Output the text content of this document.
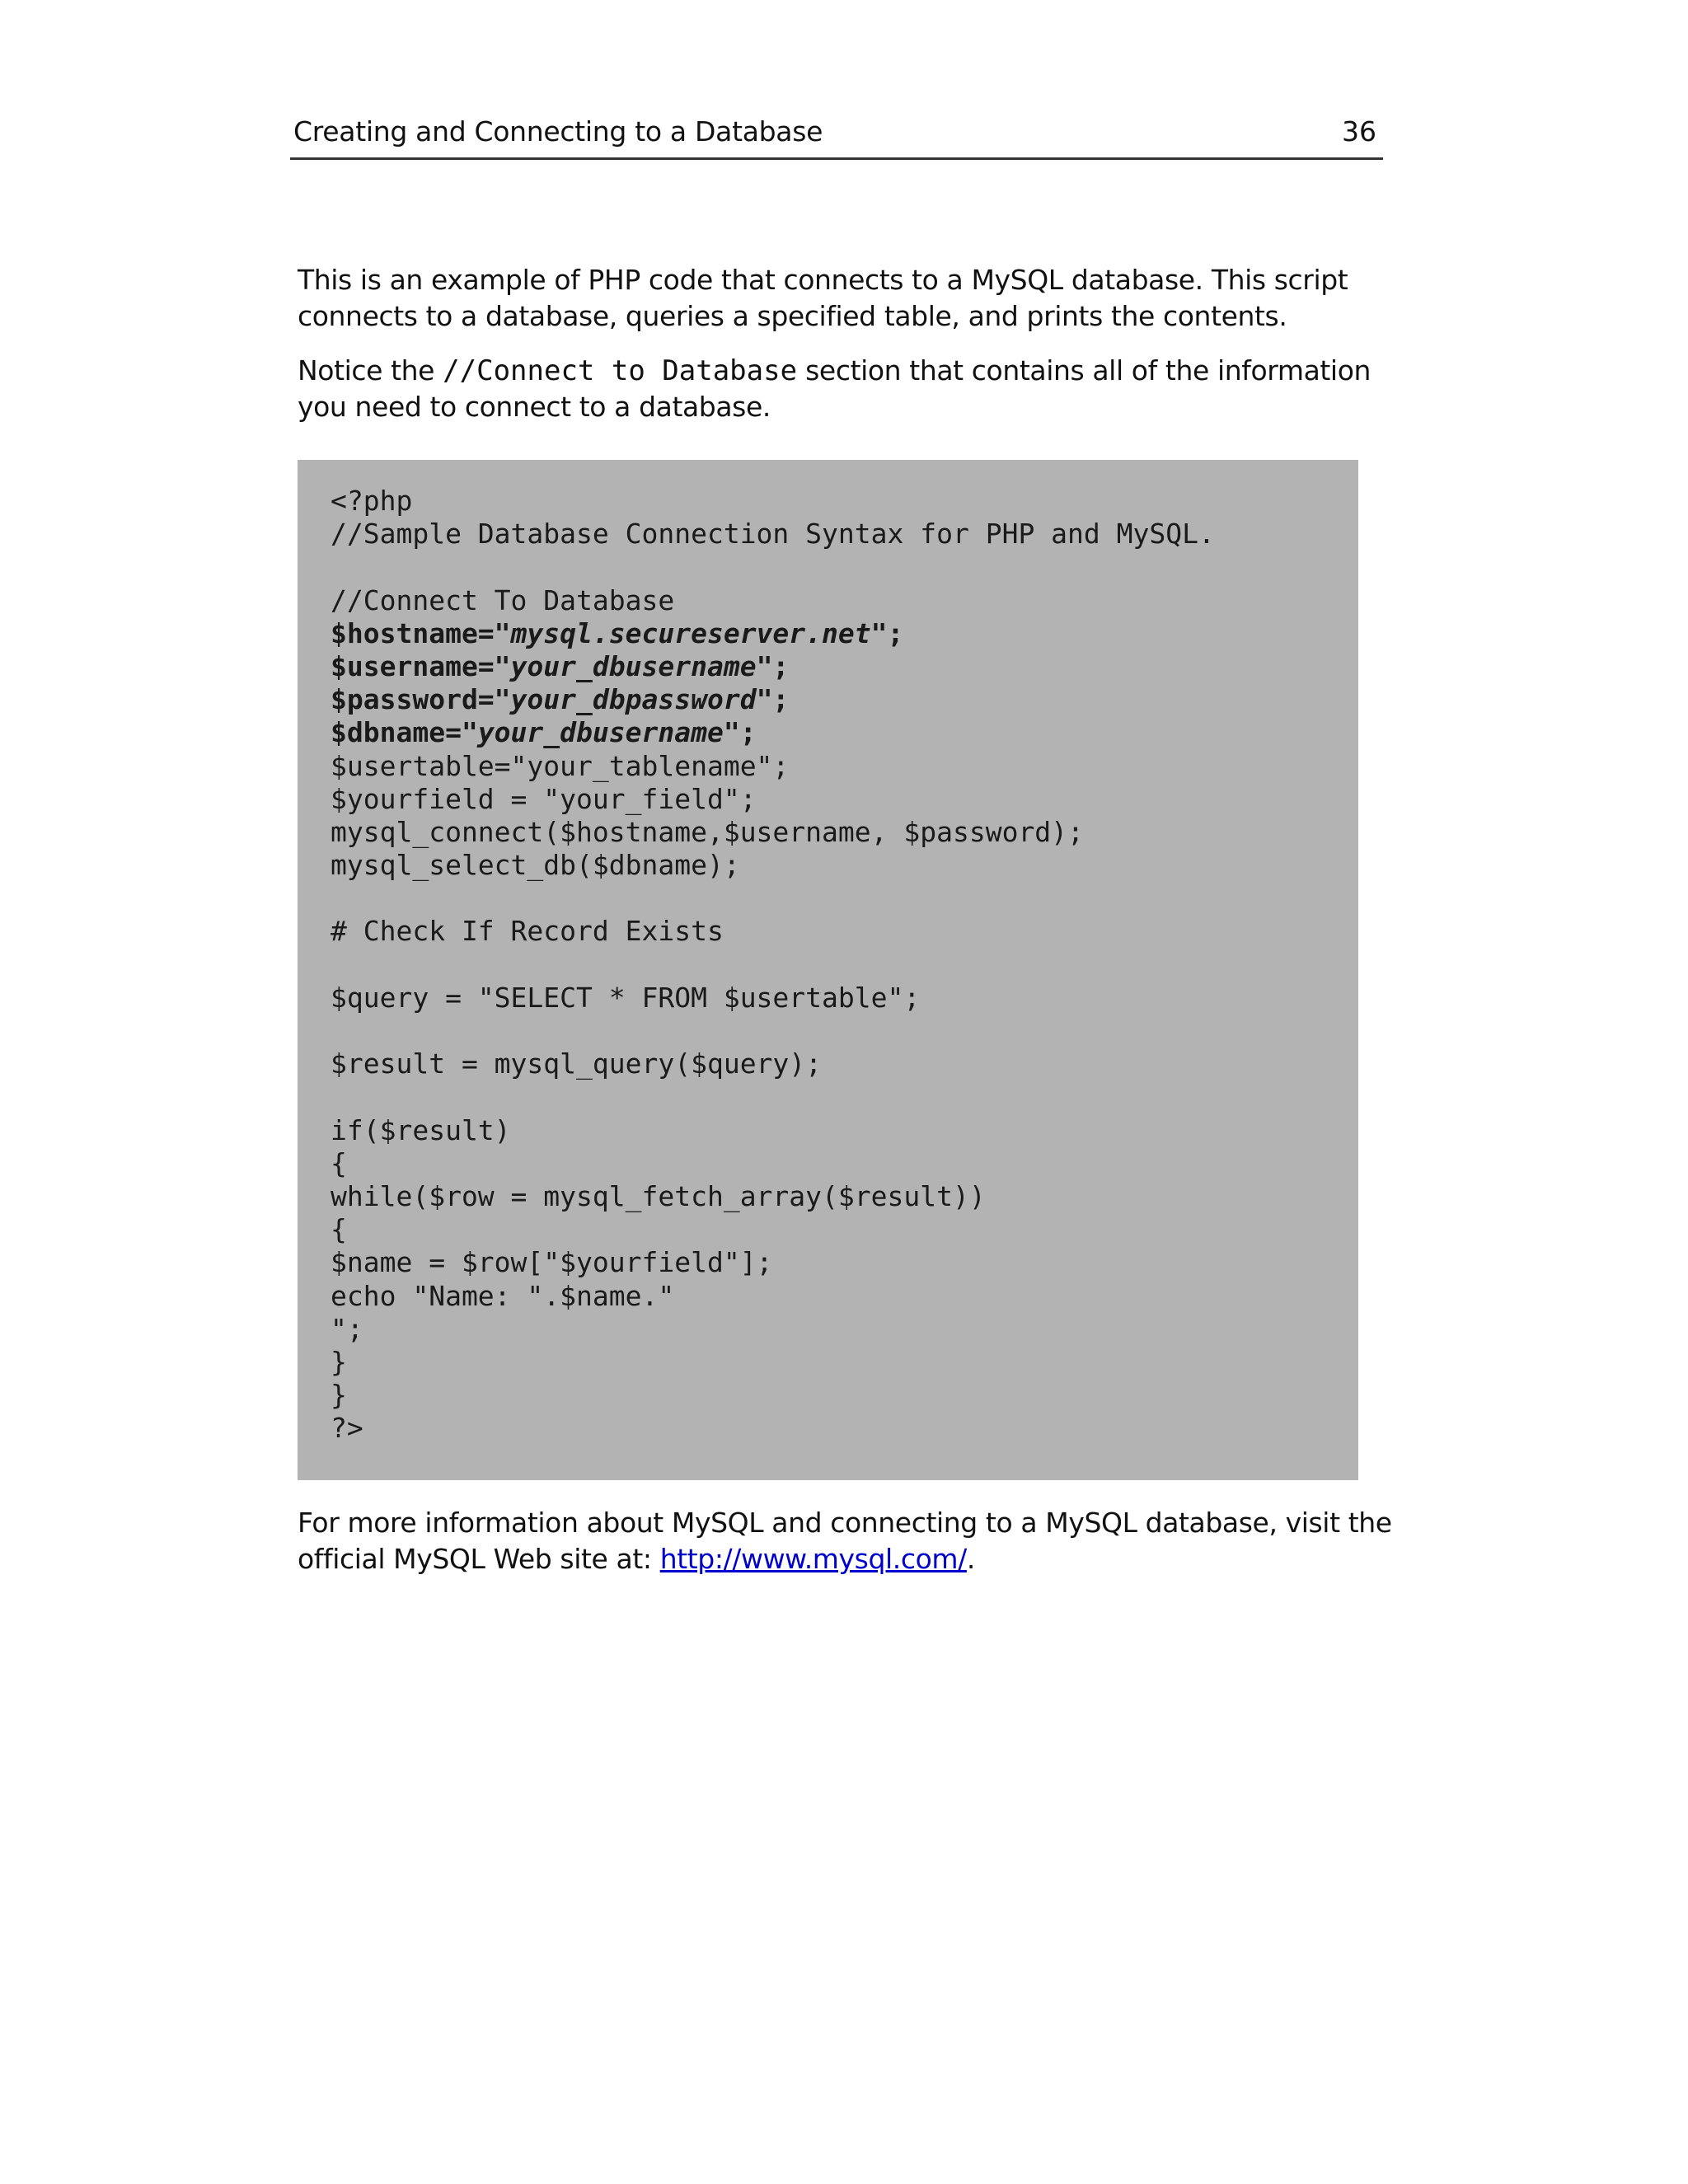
Creating and Connecting to a Database	36

This is an example of PHP code that connects to a MySQL database. This script connects to a database, queries a specified table, and prints the contents.

Notice the //Connect to Database section that contains all of the information you need to connect to a database.

<?php
//Sample Database Connection Syntax for PHP and MySQL.
//Connect To Database
$hostname="mysql.secureserver.net";
$username="your_dbusername";
$password="your_dbpassword";
$dbname="your_dbusername";
$usertable="your_tablename";
$yourfield = "your_field";
mysql_connect($hostname,$username, $password);
mysql_select_db($dbname);
# Check If Record Exists
$query = "SELECT * FROM $usertable";
$result = mysql_query($query);
if($result)
{
while($row = mysql_fetch_array($result))
{
$name = $row["$yourfield"];
echo "Name: ".$name."
";
}
}
?>

For more information about MySQL and connecting to a MySQL database, visit the official MySQL Web site at: http://www.mysql.com/.
